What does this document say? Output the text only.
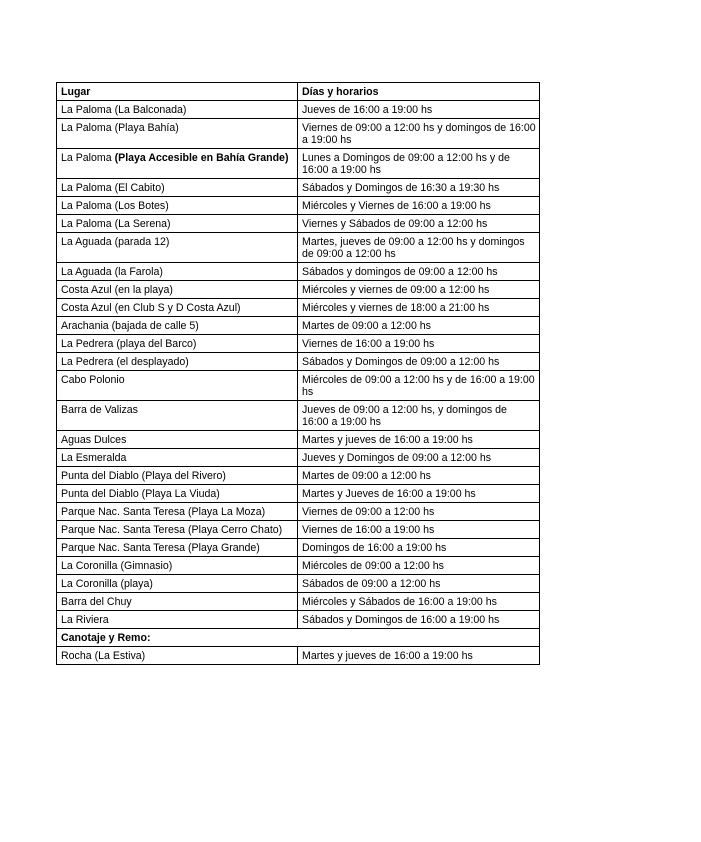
Lugar	Días y horarios
La Paloma (La Balconada)	Jueves de 16:00 a 19:00 hs
La Paloma (Playa Bahía)	Viernes de 09:00 a 12:00 hs y domingos de 16:00 a 19:00 hs
La Paloma (Playa Accesible en Bahía Grande)	Lunes a Domingos de 09:00 a 12:00 hs y de 16:00 a 19:00 hs
La Paloma (El Cabito)	Sábados y Domingos de 16:30 a 19:30 hs
La Paloma (Los Botes)	Miércoles y Viernes de 16:00 a 19:00 hs
La Paloma (La Serena)	Viernes y Sábados de 09:00 a 12:00 hs
La Aguada (parada 12)	Martes, jueves de 09:00 a 12:00 hs y domingos de 09:00 a 12:00 hs
La Aguada (la Farola)	Sábados y domingos de 09:00 a 12:00 hs
Costa Azul (en la playa)	Miércoles y viernes de 09:00 a 12:00 hs
Costa Azul (en Club S y D Costa Azul)	Miércoles y viernes de 18:00 a 21:00 hs
Arachania (bajada de calle 5)	Martes de 09:00 a 12:00 hs
La Pedrera (playa del Barco)	Viernes de 16:00 a 19:00 hs
La Pedrera (el desplayado)	Sábados y Domingos de 09:00 a 12:00 hs
Cabo Polonio	Miércoles de 09:00 a 12:00 hs y de 16:00 a 19:00 hs
Barra de Valizas	Jueves de 09:00 a 12:00 hs, y domingos de 16:00 a 19:00 hs
Aguas Dulces	Martes y jueves de 16:00 a 19:00 hs
La Esmeralda	Jueves y Domingos de 09:00 a 12:00 hs
Punta del Diablo (Playa del Rivero)	Martes de 09:00 a 12:00 hs
Punta del Diablo (Playa La Viuda)	Martes y Jueves de 16:00 a 19:00 hs
Parque Nac. Santa Teresa (Playa La Moza)	Viernes de 09:00 a 12:00 hs
Parque Nac. Santa Teresa (Playa Cerro Chato)	Viernes de 16:00 a 19:00 hs
Parque Nac. Santa Teresa (Playa Grande)	Domingos de 16:00 a 19:00 hs
La Coronilla (Gimnasio)	Miércoles de 09:00 a 12:00 hs
La Coronilla (playa)	Sábados de 09:00 a 12:00 hs
Barra del Chuy	Miércoles y Sábados de 16:00 a 19:00 hs
La Riviera	Sábados y Domingos de 16:00 a 19:00 hs
Canotaje y Remo:	
Rocha (La Estiva)	Martes y jueves de 16:00 a 19:00 hs
